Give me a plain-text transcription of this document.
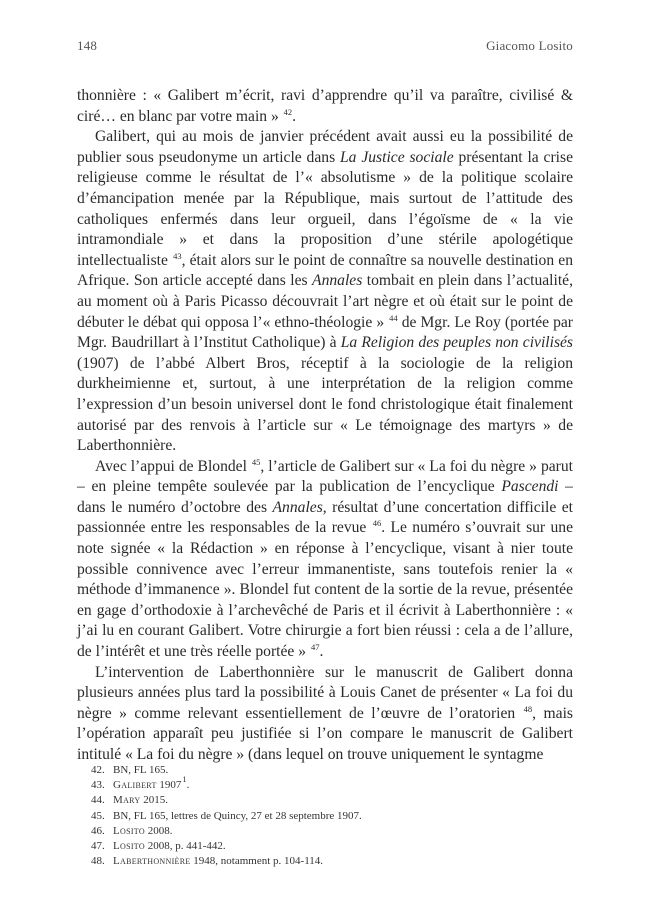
148	Giacomo Losito

thonnière : « Galibert m’écrit, ravi d’apprendre qu’il va paraître, civilisé & ciré… en blanc par votre main » $^{42}$.

Galibert, qui au mois de janvier précédent avait aussi eu la possibilité de publier sous pseudonyme un article dans La Justice sociale présentant la crise religieuse comme le résultat de l’« absolutisme » de la politique scolaire d’émancipation menée par la République, mais surtout de l’attitude des catholiques enfermés dans leur orgueil, dans l’égoïsme de « la vie intramondiale » et dans la proposition d’une stérile apologétique intellectualiste $^{43}$, était alors sur le point de connaître sa nouvelle destination en Afrique. Son article accepté dans les Annales tombait en plein dans l’actualité, au moment où à Paris Picasso découvrait l’art nègre et où était sur le point de débuter le débat qui opposa l’« ethno-théologie » $^{44}$ de Mgr. Le Roy (portée par Mgr. Baudrillart à l’Institut Catholique) à La Religion des peuples non civilisés (1907) de l’abbé Albert Bros, réceptif à la sociologie de la religion durkheimienne et, surtout, à une interprétation de la religion comme l’expression d’un besoin universel dont le fond christologique était finalement autorisé par des renvois à l’article sur « Le témoignage des martyrs » de Laberthonnière.

Avec l’appui de Blondel $^{45}$, l’article de Galibert sur « La foi du nègre » parut – en pleine tempête soulevée par la publication de l’encyclique Pascendi – dans le numéro d’octobre des Annales, résultat d’une concertation difficile et passionnée entre les responsables de la revue $^{46}$. Le numéro s’ouvrait sur une note signée « la Rédaction » en réponse à l’encyclique, visant à nier toute possible connivence avec l’erreur immanentiste, sans toutefois renier la « méthode d’immanence ». Blondel fut content de la sortie de la revue, présentée en gage d’orthodoxie à l’archevêché de Paris et il écrivit à Laberthonnière : « j’ai lu en courant Galibert. Votre chirurgie a fort bien réussi : cela a de l’allure, de l’intérêt et une très réelle portée » $^{47}$.

L’intervention de Laberthonnière sur le manuscrit de Galibert donna plusieurs années plus tard la possibilité à Louis Canet de présenter « La foi du nègre » comme relevant essentiellement de l’œuvre de l’oratorien $^{48}$, mais l’opération apparaît peu justifiée si l’on compare le manuscrit de Galibert intitulé « La foi du nègre » (dans lequel on trouve uniquement le syntagme

42. BN, FL 165.
43. Galibert 1907$^1$.
44. Mary 2015.
45. BN, FL 165, lettres de Quincy, 27 et 28 septembre 1907.
46. Losito 2008.
47. Losito 2008, p. 441-442.
48. Laberthonnière 1948, notamment p. 104-114.
